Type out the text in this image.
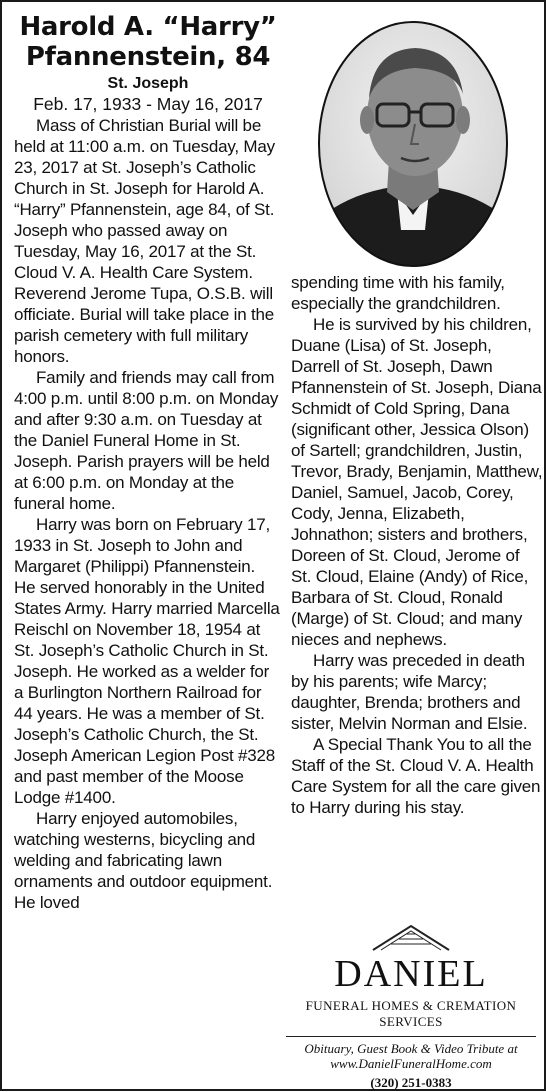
Harold A. “Harry”
Pfannenstein, 84
St. Joseph
Feb. 17, 1933 - May 16, 2017

Mass of Christian Burial will be held at 11:00 a.m. on Tuesday, May 23, 2017 at St. Joseph’s Catholic Church in St. Joseph for Harold A. “Harry” Pfannenstein, age 84, of St. Joseph who passed away on Tuesday, May 16, 2017 at the St. Cloud V. A. Health Care System. Reverend Jerome Tupa, O.S.B. will officiate. Burial will take place in the parish cemetery with full military honors.

Family and friends may call from 4:00 p.m. until 8:00 p.m. on Monday and after 9:30 a.m. on Tuesday at the Daniel Funeral Home in St. Joseph. Parish prayers will be held at 6:00 p.m. on Monday at the funeral home.

Harry was born on February 17, 1933 in St. Joseph to John and Margaret (Philippi) Pfannenstein. He served honorably in the United States Army. Harry married Marcella Reischl on November 18, 1954 at St. Joseph’s Catholic Church in St. Joseph. He worked as a welder for a Burlington Northern Railroad for 44 years. He was a member of St. Joseph’s Catholic Church, the St. Joseph American Legion Post #328 and past member of the Moose Lodge #1400.

Harry enjoyed automobiles, watching westerns, bicycling and welding and fabricating lawn ornaments and outdoor equipment. He loved

spending time with his family, especially the grandchildren.

He is survived by his children, Duane (Lisa) of St. Joseph, Darrell of St. Joseph, Dawn Pfannenstein of St. Joseph, Diana Schmidt of Cold Spring, Dana (significant other, Jessica Olson) of Sartell; grandchildren, Justin, Trevor, Brady, Benjamin, Matthew, Daniel, Samuel, Jacob, Corey, Cody, Jenna, Elizabeth, Johnathon; sisters and brothers, Doreen of St. Cloud, Jerome of St. Cloud, Elaine (Andy) of Rice, Barbara of St. Cloud, Ronald (Marge) of St. Cloud; and many nieces and nephews.

Harry was preceded in death by his parents; wife Marcy; daughter, Brenda; brothers and sister, Melvin Norman and Elsie.

A Special Thank You to all the Staff of the St. Cloud V. A. Health Care System for all the care given to Harry during his stay.

DANIEL
FUNERAL HOMES & CREMATION SERVICES
Obituary, Guest Book & Video Tribute at
www.DanielFuneralHome.com
(320) 251-0383
